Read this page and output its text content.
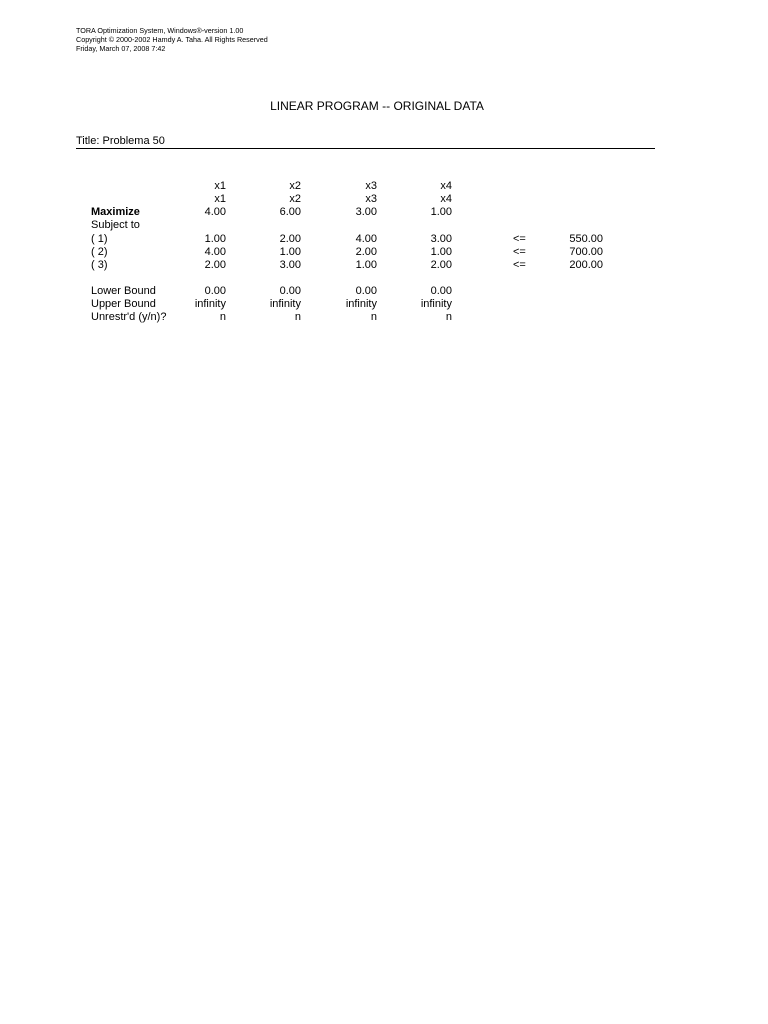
TORA Optimization System, Windows®-version 1.00
Copyright © 2000-2002 Hamdy A. Taha. All Rights Reserved
Friday, March 07, 2008 7:42
LINEAR PROGRAM -- ORIGINAL DATA
Title: Problema 50
x1	x2	x3	x4
x1	x2	x3	x4
Maximize	4.00	6.00	3.00	1.00
Subject to
( 1)	1.00	2.00	4.00	3.00	<=	550.00
( 2)	4.00	1.00	2.00	1.00	<=	700.00
( 3)	2.00	3.00	1.00	2.00	<=	200.00
Lower Bound	0.00	0.00	0.00	0.00
Upper Bound	infinity	infinity	infinity	infinity
Unrestr'd (y/n)?	n	n	n	n
